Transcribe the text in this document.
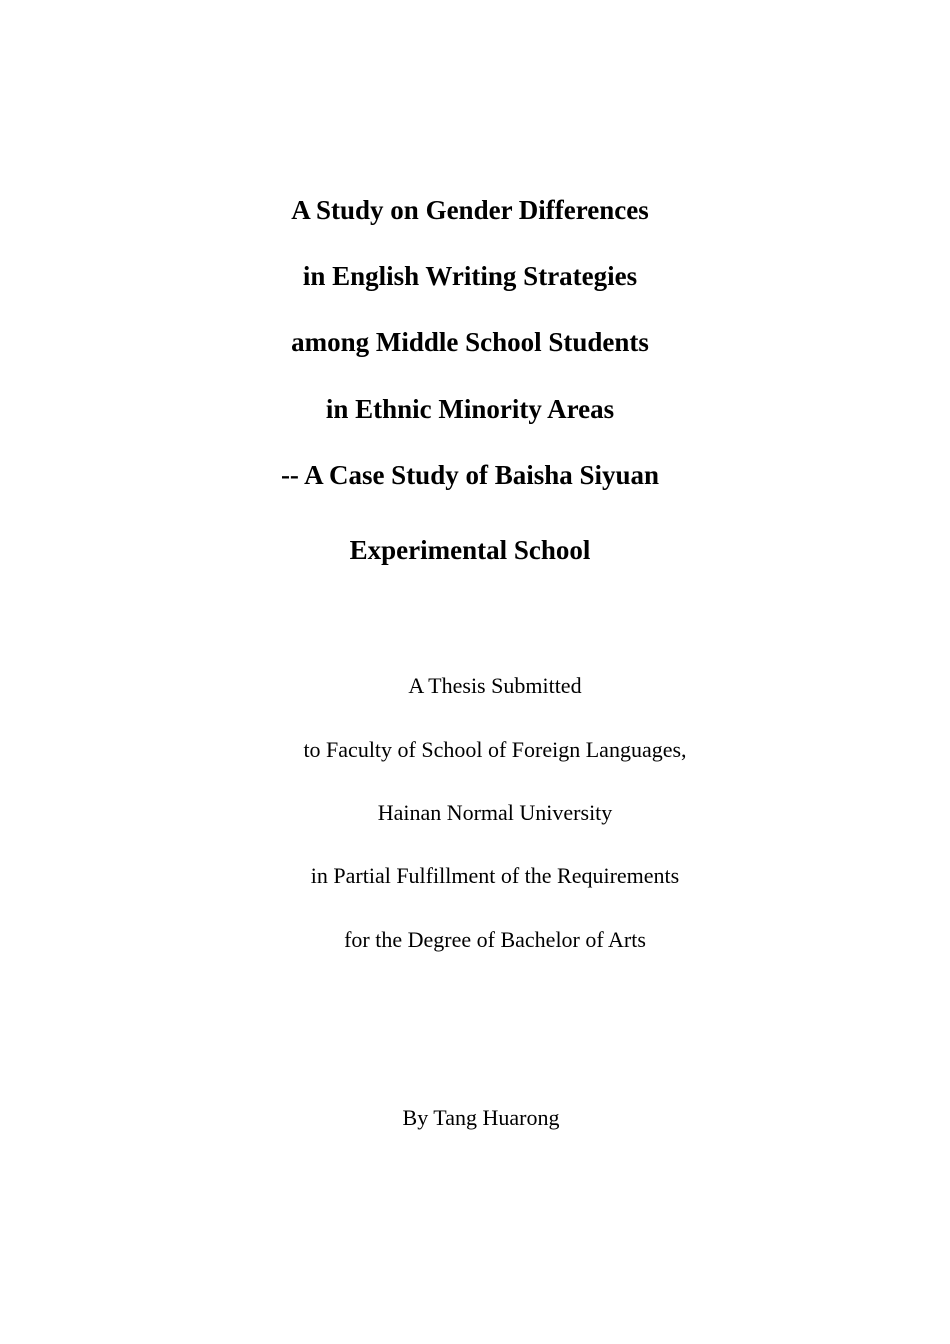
A Study on Gender Differences
in English Writing Strategies
among Middle School Students
in Ethnic Minority Areas
-- A Case Study of Baisha Siyuan
Experimental School
A Thesis Submitted
to Faculty of School of Foreign Languages,
Hainan Normal University
in Partial Fulfillment of the Requirements
for the Degree of Bachelor of Arts
By Tang Huarong
